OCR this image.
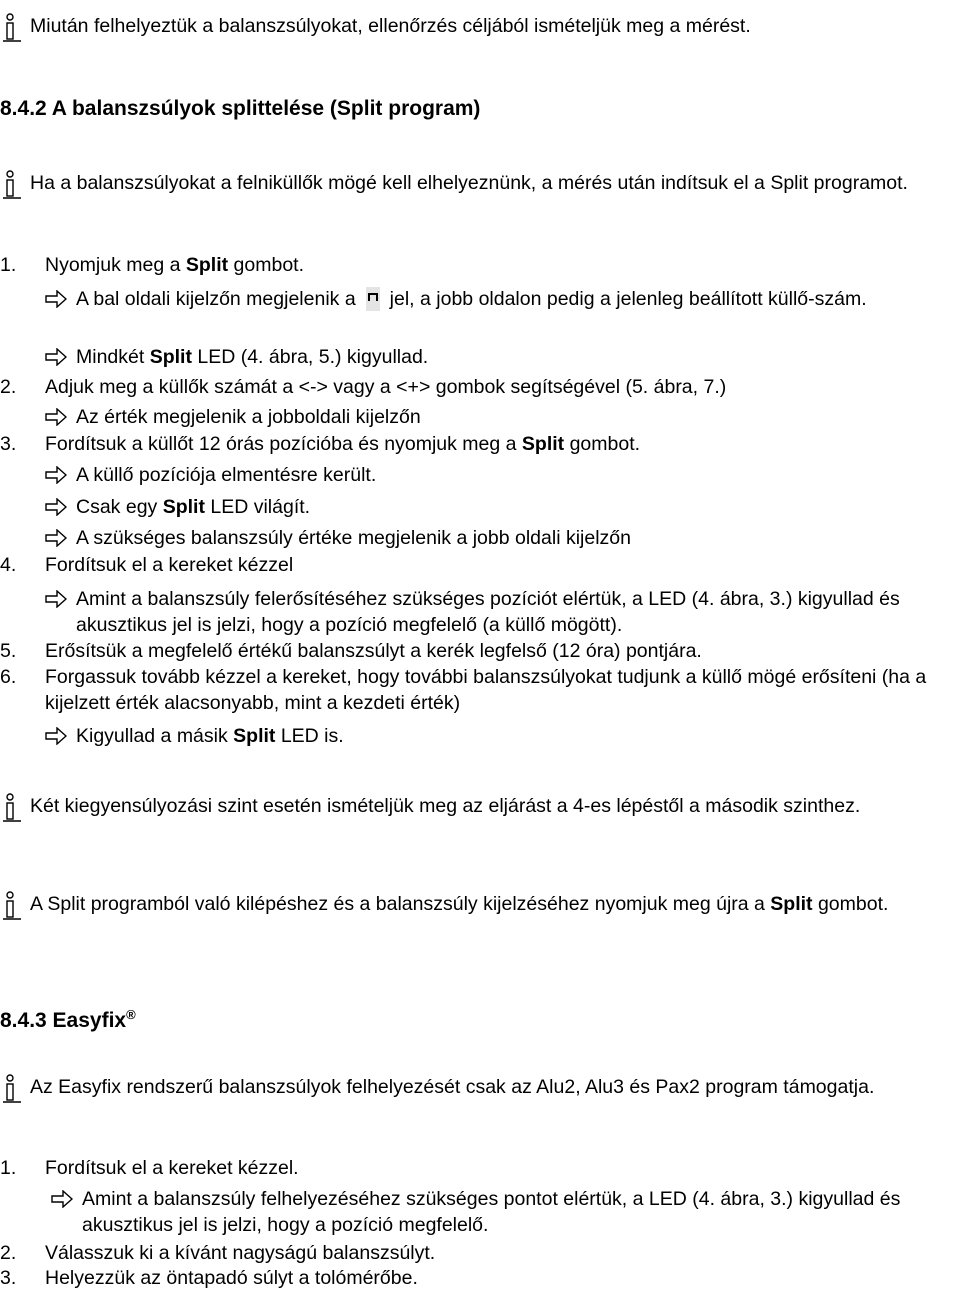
Miután felhelyeztük a balanszsúlyokat, ellenőrzés céljából ismételjük meg a mérést.
8.4.2 A balanszsúlyok splittelése (Split program)
Ha a balanszsúlyokat a felniküllők mögé kell elhelyeznünk, a mérés után indítsuk el a Split programot.
1. Nyomjuk meg a Split gombot.
A bal oldali kijelzőn megjelenik a jel, a jobb oldalon pedig a jelenleg beállított küllő-szám.
Mindkét Split LED (4. ábra, 5.) kigyullad.
2. Adjuk meg a küllők számát a <-> vagy a <+> gombok segítségével (5. ábra, 7.)
Az érték megjelenik a jobboldali kijelzőn
3. Fordítsuk a küllőt 12 órás pozícióba és nyomjuk meg a Split gombot.
A küllő pozíciója elmentésre került.
Csak egy Split LED világít.
A szükséges balanszsúly értéke megjelenik a jobb oldali kijelzőn
4. Fordítsuk el a kereket kézzel
Amint a balanszsúly felerősítéséhez szükséges pozíciót elértük, a LED (4. ábra, 3.) kigyullad és akusztikus jel is jelzi, hogy a pozíció megfelelő (a küllő mögött).
5. Erősítsük a megfelelő értékű balanszsúlyt a kerék legfelső (12 óra) pontjára.
6. Forgassuk tovább kézzel a kereket, hogy további balanszsúlyokat tudjunk a küllő mögé erősíteni (ha a kijelzett érték alacsonyabb, mint a kezdeti érték)
Kigyullad a másik Split LED is.
Két kiegyensúlyozási szint esetén ismételjük meg az eljárást a 4-es lépéstől a második szinthez.
A Split programból való kilépéshez és a balanszsúly kijelzéséhez nyomjuk meg újra a Split gombot.
8.4.3 Easyfix®
Az Easyfix rendszerű balanszsúlyok felhelyezését csak az Alu2, Alu3 és Pax2 program támogatja.
1. Fordítsuk el a kereket kézzel.
Amint a balanszsúly felhelyezéséhez szükséges pontot elértük, a LED (4. ábra, 3.) kigyullad és akusztikus jel is jelzi, hogy a pozíció megfelelő.
2. Válasszuk ki a kívánt nagyságú balanszsúlyt.
3. Helyezzük az öntapadó súlyt a tolómérőbe.
